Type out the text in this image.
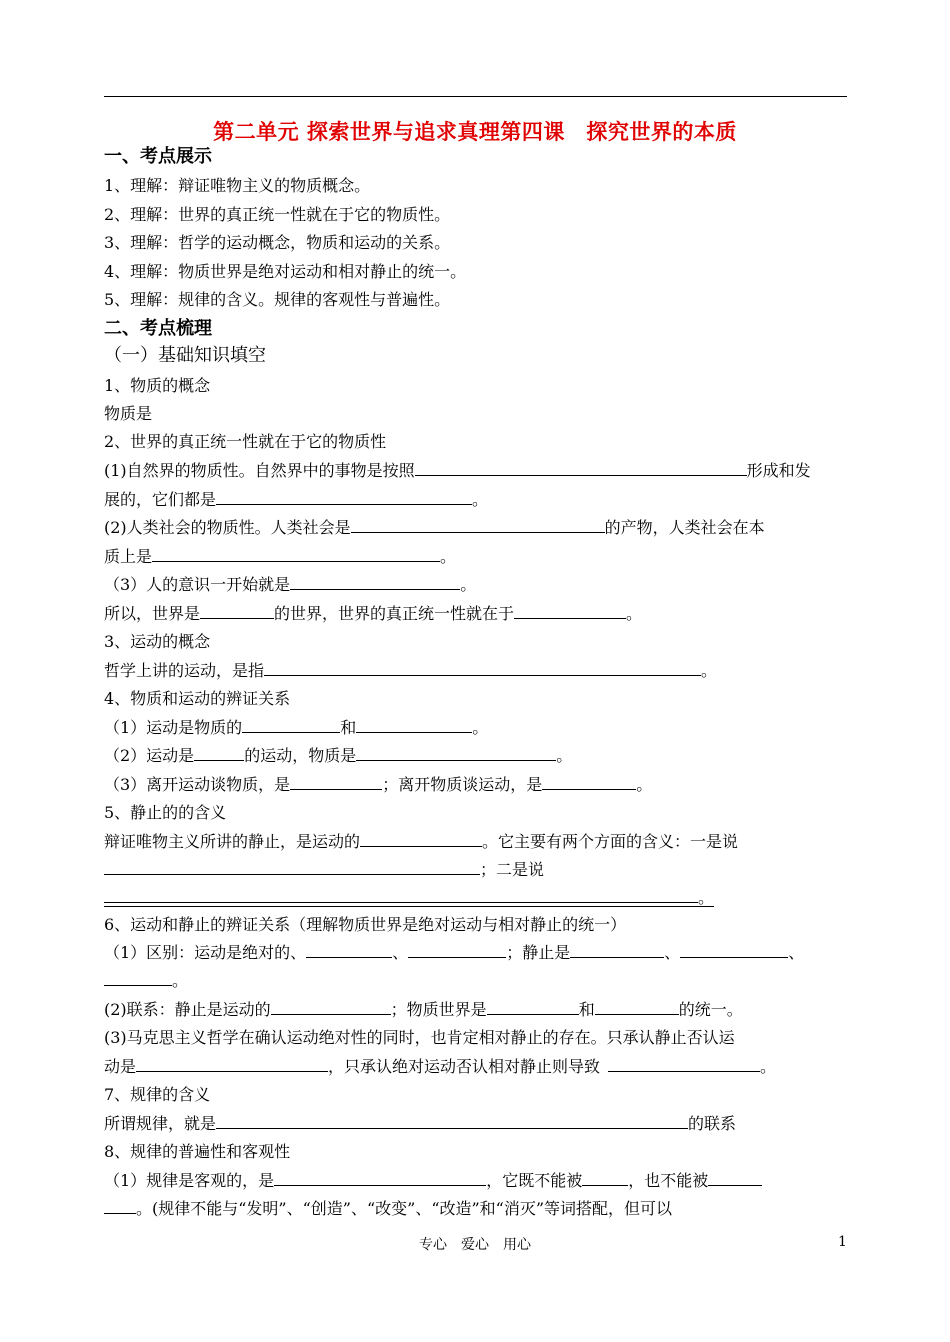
第二单元 探索世界与追求真理第四课　探究世界的本质
一、考点展示
1、理解：辩证唯物主义的物质概念。
2、理解：世界的真正统一性就在于它的物质性。
3、理解：哲学的运动概念，物质和运动的关系。
4、理解：物质世界是绝对运动和相对静止的统一。
5、理解：规律的含义。规律的客观性与普遍性。
二、考点梳理
（一）基础知识填空
1、物质的概念
物质是
2、世界的真正统一性就在于它的物质性
(1)自然界的物质性。自然界中的事物是按照	形成和发
展的，它们都是	。
(2)人类社会的物质性。人类社会是	的产物，人类社会在本
质上是	。
（3）人的意识一开始就是	。
所以，世界是	的世界，世界的真正统一性就在于	。
3、运动的概念
哲学上讲的运动，是指	。
4、物质和运动的辨证关系
（1）运动是物质的	和	。
（2）运动是	的运动，物质是	。
（3）离开运动谈物质，是	；离开物质谈运动，是	。
5、静止的的含义
辩证唯物主义所讲的静止，是运动的	。它主要有两个方面的含义：一是说
；二是说
。
6、运动和静止的辨证关系（理解物质世界是绝对运动与相对静止的统一）
（1）区别：运动是绝对的、	、	；静止是	、	、
。
(2)联系：静止是运动的	；物质世界是	和	的统一。
(3)马克思主义哲学在确认运动绝对性的同时，也肯定相对静止的存在。只承认静止否认运
动是	，只承认绝对运动否认相对静止则导致	。
7、规律的含义
所谓规律，就是	的联系
8、规律的普遍性和客观性
（1）规律是客观的，是	，它既不能被	，也不能被
。(规律不能与“发明”、“创造”、“改变”、“改造”和“消灭”等词搭配，但可以
专心　爱心　用心	1
